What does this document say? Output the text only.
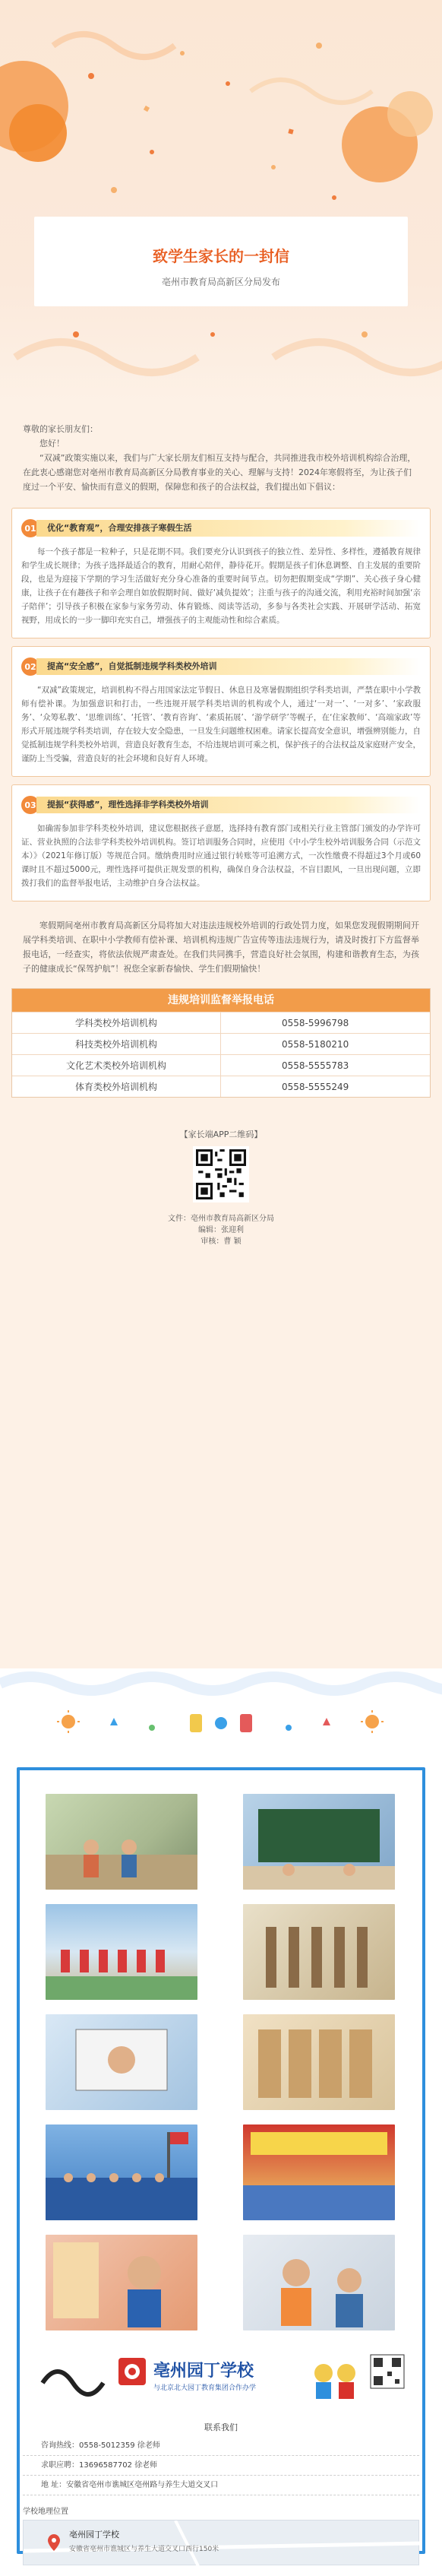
致学生家长的一封信
亳州市教育局高新区分局发布
尊敬的家长朋友们：
您好！

“双减”政策实施以来，我们与广大家长朋友们相互支持与配合，共同推进我市校外培训机构综合治理，在此衷心感谢您对亳州市教育局高新区分局教育事业的关心、理解与支持！2024年寒假将至，为让孩子们度过一个平安、愉快而有意义的假期，保障您和孩子的合法权益，我们提出如下倡议：

01	优化“教育观”，合理安排孩子寒假生活
每一个孩子都是一粒种子，只是花期不同。我们要充分认识到孩子的独立性、差异性、多样性，遵循教育规律和学生成长规律；为孩子选择最适合的教育，用耐心陪伴，静待花开。假期是孩子们休息调整、自主发展的重要阶段，也是为迎接下学期的学习生活做好充分身心准备的重要时间节点。切勿把假期变成“学期”、关心孩子身心健康，让孩子在有趣孩子和辛会理自如放假期时间、做好‘减负提效’；注重与孩子的沟通交流，利用充裕时间加强‘亲子陪伴’；引导孩子积极在家参与家务劳动、体育锻炼、阅读等活动，多参与各类社会实践、开展研学活动、拓宽视野，用成长的一步一脚印充实自己，增强孩子的主观能动性和综合素质。
02	提高“安全感”，自觉抵制违规学科类校外培训
“双减”政策规定，培训机构不得占用国家法定节假日、休息日及寒暑假期组织学科类培训，严禁在职中小学教师有偿补课。为加强意识和打击，一些违规开展学科类培训的机构或个人，通过‘一对一’、‘一对多’、‘家政服务’、‘众筹私教’、‘思维训练’、‘托管’、‘教育咨询’、‘素质拓展’、‘游学研学’等幌子，在‘住家教师’、‘高端家政’等形式开展违规学科类培训，存在较大安全隐患，一旦发生问题维权困难。请家长提高安全意识，增强辨别能力，自觉抵制违规学科类校外培训，营造良好教育生态，不给违规培训可乘之机，保护孩子的合法权益及家庭财产安全，谨防上当受骗，营造良好的社会环境和良好育人环境。
03	提振“获得感”，理性选择非学科类校外培训
如确需参加非学科类校外培训，建议您根据孩子意愿，选择持有教育部门或相关行业主管部门颁发的办学许可证、营业执照的合法非学科类校外培训机构。签订培训服务合同时，应使用《中小学生校外培训服务合同（示范文本）》（2021年修订版）等规范合同。缴纳费用时应通过银行转账等可追溯方式，一次性缴费不得超过3个月或60课时且不超过5000元，理性选择可提供正规发票的机构，确保自身合法权益，不盲目跟风，一旦出现问题，立即拨打我们的监督举报电话，主动维护自身合法权益。
寒假期间亳州市教育局高新区分局将加大对违法违规校外培训的行政处罚力度，如果您发现假期期间开展学科类培训、在职中小学教师有偿补课、培训机构违规广告宣传等违法违规行为，请及时拨打下方监督举报电话，一经查实，将依法依规严肃查处。在我们共同携手，营造良好社会氛围，构建和谐教育生态，为孩子的健康成长“保驾护航”！祝您全家新春愉快、学生们假期愉快！
违规培训监督举报电话
学科类校外培训机构	0558-5996798
科技类校外培训机构	0558-5180210
文化艺术类校外培训机构	0558-5555783
体育类校外培训机构	0558-5555249
【家长端APP二维码】
文件：亳州市教育局高新区分局
编辑：张迎利
审核：曹 颖
亳州园丁学校
与北京北大园丁教育集团合作办学
联系我们
咨询热线：0558-5012359 徐老师
求职应聘：13696587702 徐老师
地 址：安徽省亳州市谯城区亳州路与养生大道交叉口
学校地理位置
亳州园丁学校
安徽省亳州市谯城区与养生大道交叉口西行150米
